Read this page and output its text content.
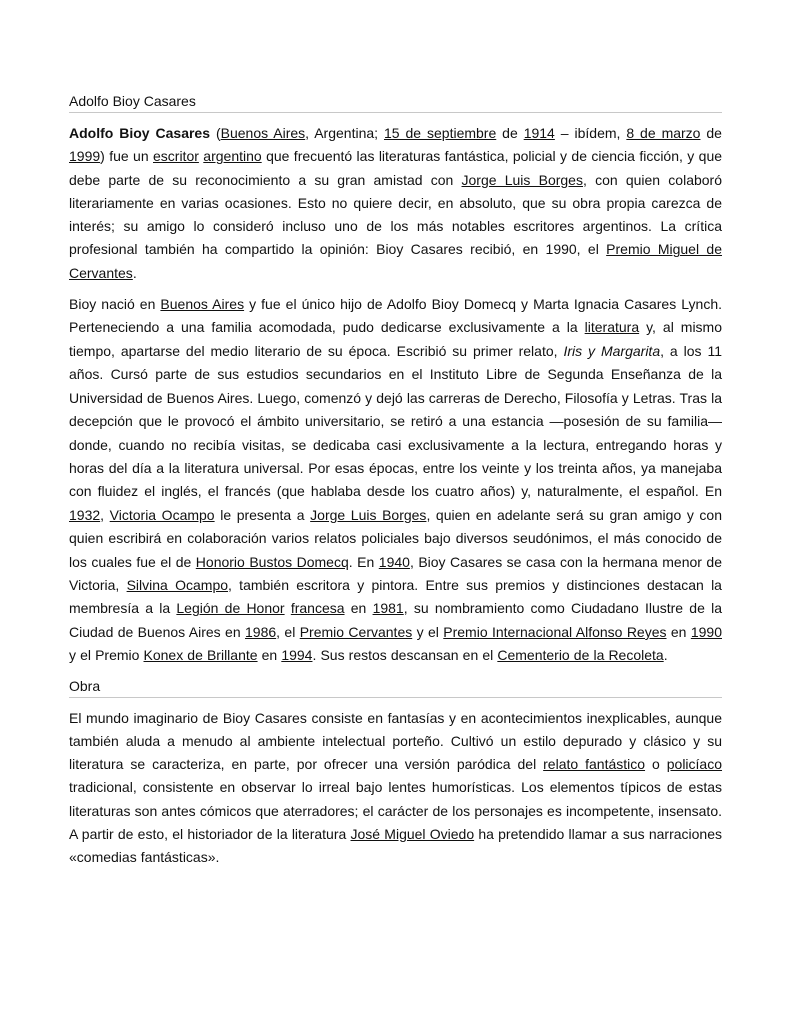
Adolfo Bioy Casares

Adolfo Bioy Casares (Buenos Aires, Argentina; 15 de septiembre de 1914 – ibídem, 8 de marzo de 1999) fue un escritor argentino que frecuentó las literaturas fantástica, policial y de ciencia ficción, y que debe parte de su reconocimiento a su gran amistad con Jorge Luis Borges, con quien colaboró literariamente en varias ocasiones. Esto no quiere decir, en absoluto, que su obra propia carezca de interés; su amigo lo consideró incluso uno de los más notables escritores argentinos. La crítica profesional también ha compartido la opinión: Bioy Casares recibió, en 1990, el Premio Miguel de Cervantes.

Bioy nació en Buenos Aires y fue el único hijo de Adolfo Bioy Domecq y Marta Ignacia Casares Lynch. Perteneciendo a una familia acomodada, pudo dedicarse exclusivamente a la literatura y, al mismo tiempo, apartarse del medio literario de su época. Escribió su primer relato, Iris y Margarita, a los 11 años. Cursó parte de sus estudios secundarios en el Instituto Libre de Segunda Enseñanza de la Universidad de Buenos Aires. Luego, comenzó y dejó las carreras de Derecho, Filosofía y Letras. Tras la decepción que le provocó el ámbito universitario, se retiró a una estancia —posesión de su familia— donde, cuando no recibía visitas, se dedicaba casi exclusivamente a la lectura, entregando horas y horas del día a la literatura universal. Por esas épocas, entre los veinte y los treinta años, ya manejaba con fluidez el inglés, el francés (que hablaba desde los cuatro años) y, naturalmente, el español. En 1932, Victoria Ocampo le presenta a Jorge Luis Borges, quien en adelante será su gran amigo y con quien escribirá en colaboración varios relatos policiales bajo diversos seudónimos, el más conocido de los cuales fue el de Honorio Bustos Domecq. En 1940, Bioy Casares se casa con la hermana menor de Victoria, Silvina Ocampo, también escritora y pintora. Entre sus premios y distinciones destacan la membresía a la Legión de Honor francesa en 1981, su nombramiento como Ciudadano Ilustre de la Ciudad de Buenos Aires en 1986, el Premio Cervantes y el Premio Internacional Alfonso Reyes en 1990 y el Premio Konex de Brillante en 1994. Sus restos descansan en el Cementerio de la Recoleta.

Obra

El mundo imaginario de Bioy Casares consiste en fantasías y en acontecimientos inexplicables, aunque también aluda a menudo al ambiente intelectual porteño. Cultivó un estilo depurado y clásico y su literatura se caracteriza, en parte, por ofrecer una versión paródica del relato fantástico o policíaco tradicional, consistente en observar lo irreal bajo lentes humorísticas. Los elementos típicos de estas literaturas son antes cómicos que aterradores; el carácter de los personajes es incompetente, insensato. A partir de esto, el historiador de la literatura José Miguel Oviedo ha pretendido llamar a sus narraciones «comedias fantásticas».
